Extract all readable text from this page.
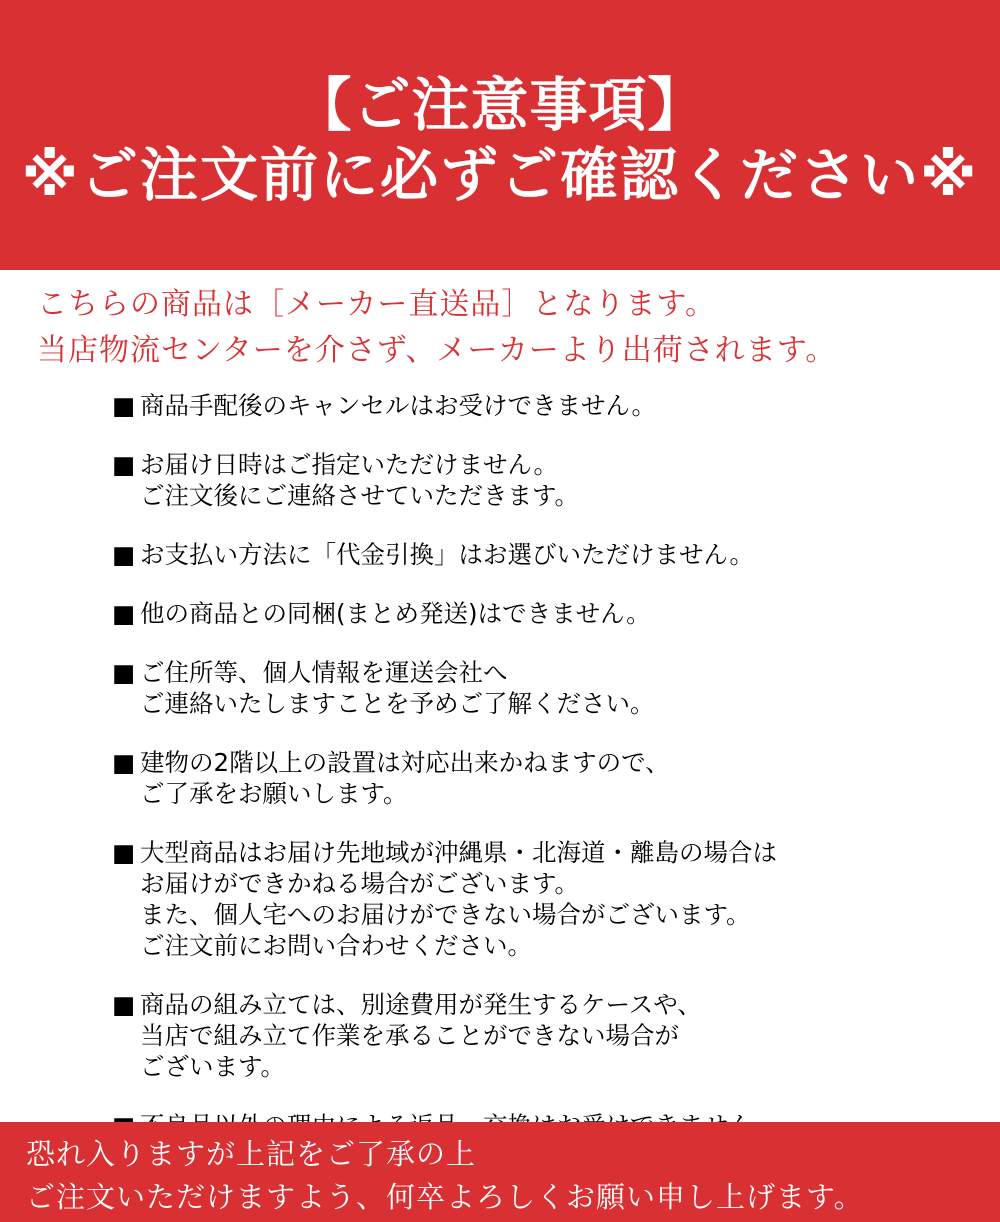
【ご注意事項】
※ご注文前に必ずご確認ください※
こちらの商品は［メーカー直送品］となります。
当店物流センターを介さず、メーカーより出荷されます。
■ 商品手配後のキャンセルはお受けできません。
■ お届け日時はご指定いただけません。
ご注文後にご連絡させていただきます。
■ お支払い方法に「代金引換」はお選びいただけません。
■ 他の商品との同梱(まとめ発送)はできません。
■ ご住所等、個人情報を運送会社へ
ご連絡いたしますことを予めご了解ください。
■ 建物の2階以上の設置は対応出来かねますので、
ご了承をお願いします。
■ 大型商品はお届け先地域が沖縄県・北海道・離島の場合は
お届けができかねる場合がございます。
また、個人宅へのお届けができない場合がございます。
ご注文前にお問い合わせください。
■ 商品の組み立ては、別途費用が発生するケースや、
当店で組み立て作業を承ることができない場合が
ございます。
恐れ入りますが上記をご了承の上
ご注文いただけますよう、何卒よろしくお願い申し上げます。
